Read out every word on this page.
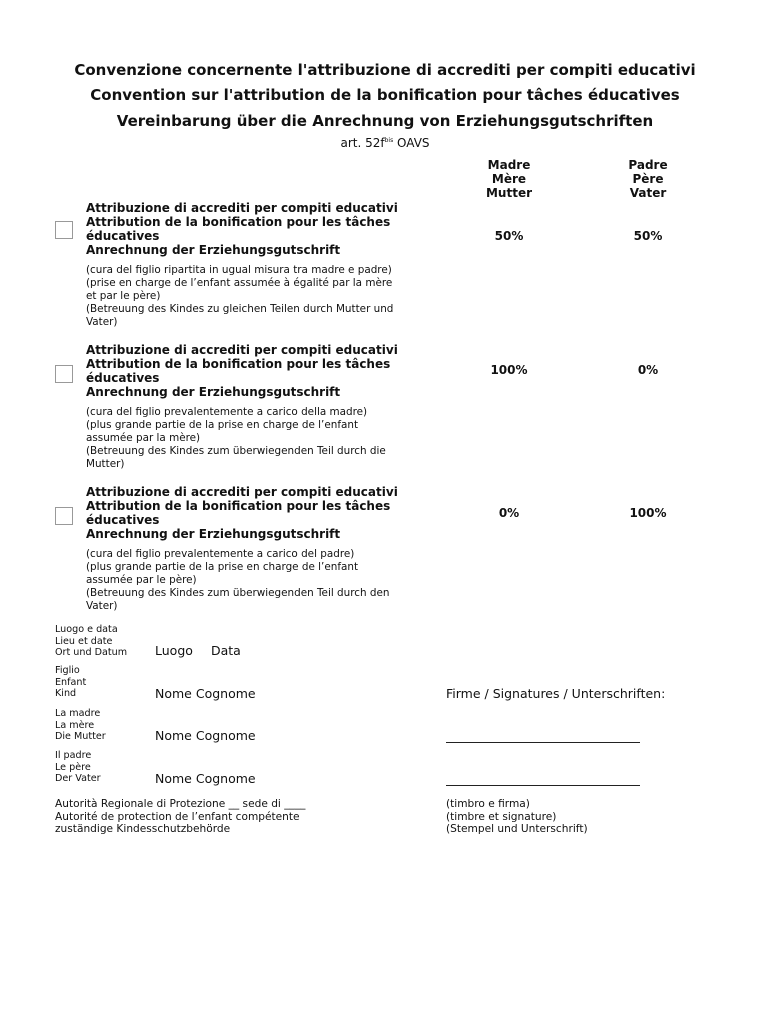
Convenzione concernente l'attribuzione di accrediti per compiti educativi
Convention sur l'attribution de la bonification pour tâches éducatives
Vereinbarung über die Anrechnung von Erziehungsgutschriften
art. $52f^{bis}$ OAVS
Madre
Mère
Mutter
Padre
Père
Vater
Attribuzione di accrediti per compiti educativi
Attribution de la bonification pour les tâches
éducatives
Anrechnung der Erziehungsgutschrift
(cura del figlio ripartita in ugual misura tra madre e padre)
(prise en charge de l’enfant assumée à égalité par la mère
et par le père)
(Betreuung des Kindes zu gleichen Teilen durch Mutter und
Vater)
50%	50%
Attribuzione di accrediti per compiti educativi
Attribution de la bonification pour les tâches
éducatives
Anrechnung der Erziehungsgutschrift
(cura del figlio prevalentemente a carico della madre)
(plus grande partie de la prise en charge de l’enfant
assumée par la mère)
(Betreuung des Kindes zum überwiegenden Teil durch die
Mutter)
100%	0%
Attribuzione di accrediti per compiti educativi
Attribution de la bonification pour les tâches
éducatives
Anrechnung der Erziehungsgutschrift
(cura del figlio prevalentemente a carico del padre)
(plus grande partie de la prise en charge de l’enfant
assumée par le père)
(Betreuung des Kindes zum überwiegenden Teil durch den
Vater)
0%	100%
Luogo e data
Lieu et date
Ort und Datum Luogo Data
Figlio
Enfant
Kind	Nome Cognome	Firme / Signatures / Unterschriften:
La madre
La mère
Die Mutter	Nome Cognome
Il padre
Le père
Der Vater	Nome Cognome
Autorità Regionale di Protezione __ sede di ____
Autorité de protection de l’enfant compétente
zuständige Kindesschutzbehörde
(timbro e firma)
(timbre et signature)
(Stempel und Unterschrift)
